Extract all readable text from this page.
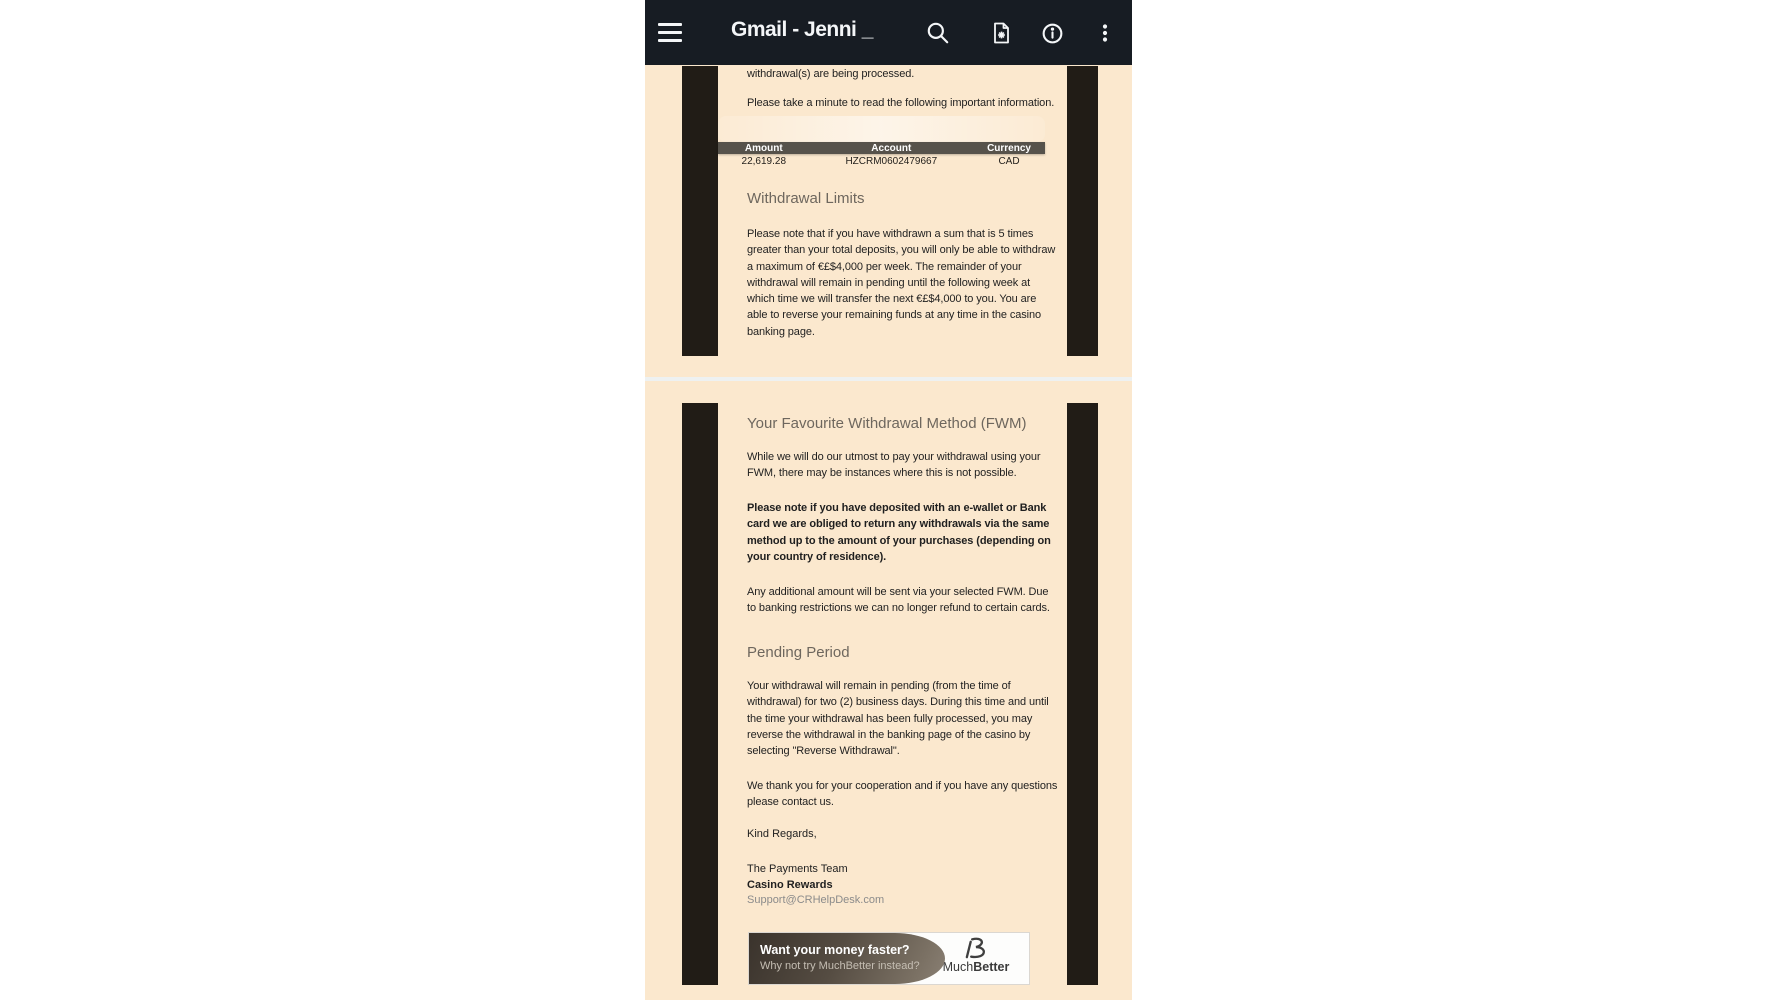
Gmail - Jenni _
withdrawal(s) are being processed.
Please take a minute to read the following important information.
Amount	Account	Currency
22,619.28	HZCRM0602479667	CAD
Withdrawal Limits
Please note that if you have withdrawn a sum that is 5 times greater than your total deposits, you will only be able to withdraw a maximum of €£$4,000 per week. The remainder of your withdrawal will remain in pending until the following week at which time we will transfer the next €£$4,000 to you. You are able to reverse your remaining funds at any time in the casino banking page.
Your Favourite Withdrawal Method (FWM)
While we will do our utmost to pay your withdrawal using your FWM, there may be instances where this is not possible.
Please note if you have deposited with an e-wallet or Bank card we are obliged to return any withdrawals via the same method up to the amount of your purchases (depending on your country of residence).
Any additional amount will be sent via your selected FWM. Due to banking restrictions we can no longer refund to certain cards.
Pending Period
Your withdrawal will remain in pending (from the time of withdrawal) for two (2) business days. During this time and until the time your withdrawal has been fully processed, you may reverse the withdrawal in the banking page of the casino by selecting "Reverse Withdrawal".
We thank you for your cooperation and if you have any questions please contact us.
Kind Regards,
The Payments Team
Casino Rewards
Support@CRHelpDesk.com
MuchBetter
Want your money faster?
Why not try MuchBetter instead?
